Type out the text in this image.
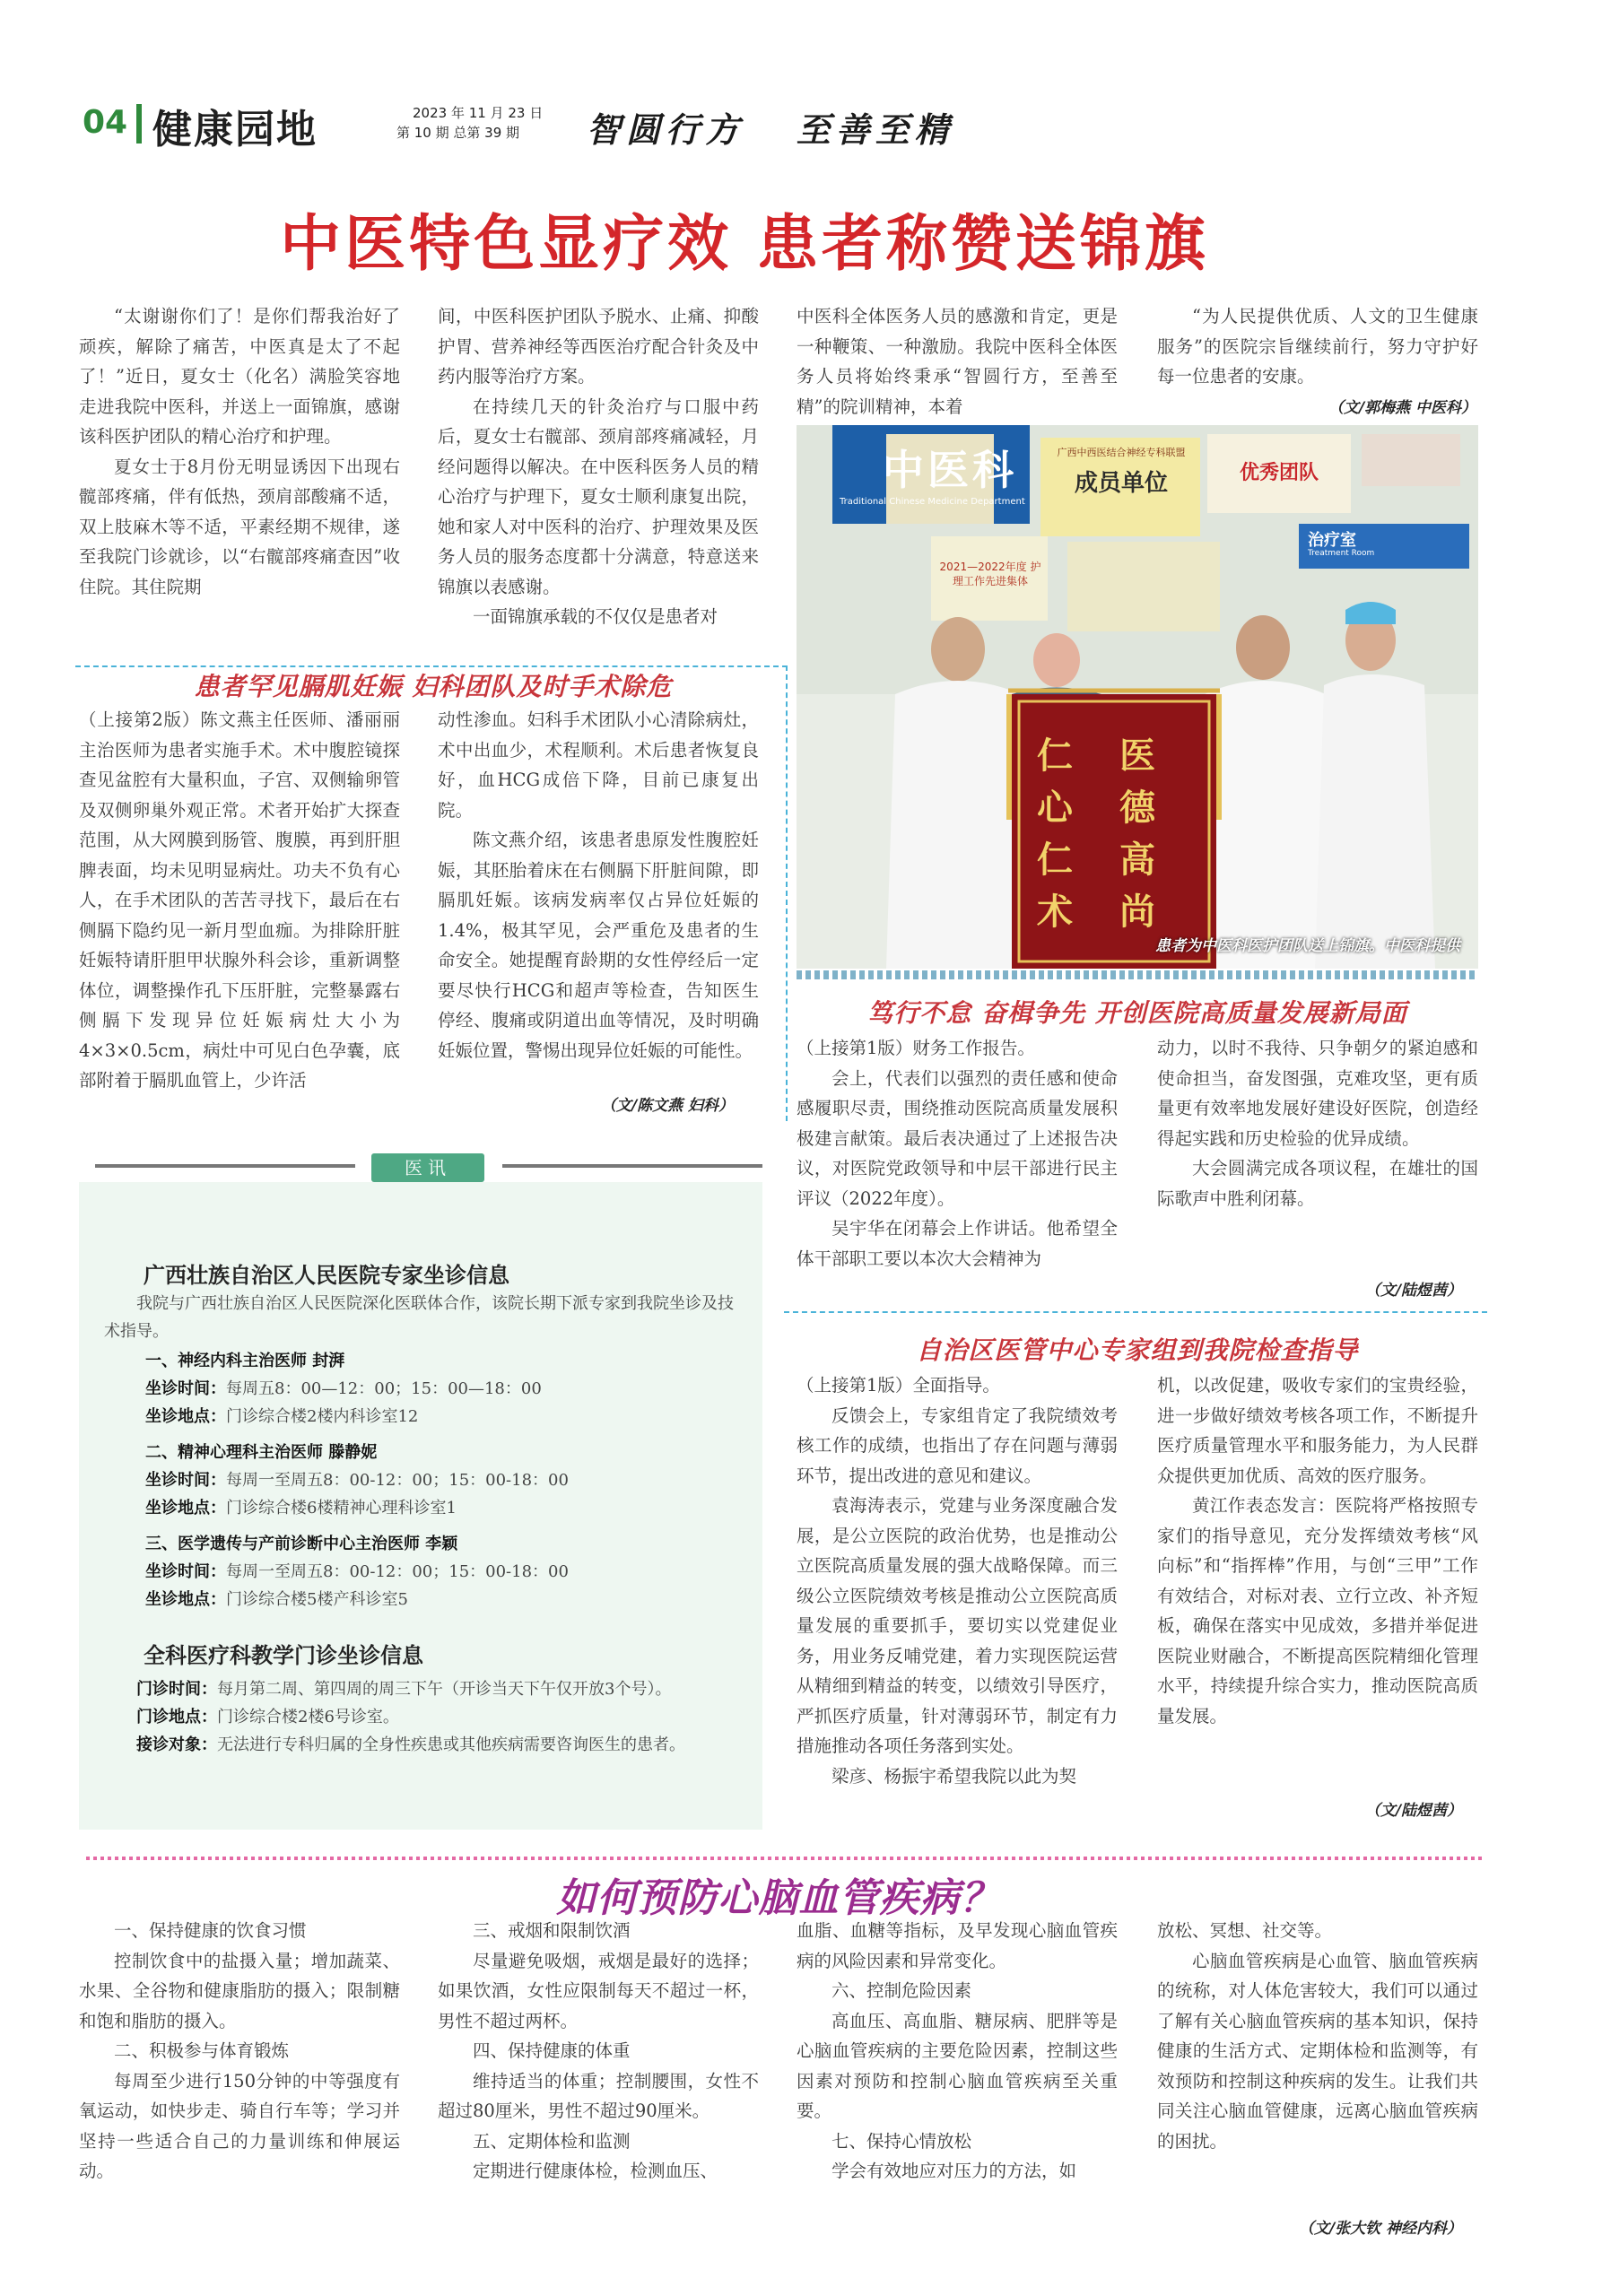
04 健康园地	2023 年 11 月 23 日
第 10 期 总第 39 期 智圆行方   至善至精
中医特色显疗效 患者称赞送锦旗

“太谢谢你们了！是你们帮我治好了顽疾，解除了痛苦，中医真是太了不起了！”近日，夏女士（化名）满脸笑容地走进我院中医科，并送上一面锦旗，感谢该科医护团队的精心治疗和护理。

夏女士于8月份无明显诱因下出现右髋部疼痛，伴有低热，颈肩部酸痛不适，双上肢麻木等不适，平素经期不规律，遂至我院门诊就诊，以“右髋部疼痛查因”收住院。其住院期

间，中医科医护团队予脱水、止痛、抑酸护胃、营养神经等西医治疗配合针灸及中药内服等治疗方案。

在持续几天的针灸治疗与口服中药后，夏女士右髋部、颈肩部疼痛减轻，月经问题得以解决。在中医科医务人员的精心治疗与护理下，夏女士顺利康复出院，她和家人对中医科的治疗、护理效果及医务人员的服务态度都十分满意，特意送来锦旗以表感谢。

一面锦旗承载的不仅仅是患者对

中医科全体医务人员的感激和肯定，更是一种鞭策、一种激励。我院中医科全体医务人员将始终秉承“智圆行方，至善至精”的院训精神，本着

“为人民提供优质、人文的卫生健康服务”的医院宗旨继续前行，努力守护好每一位患者的安康。

（文/郭梅燕 中医科）
中医科
Traditional Chinese Medicine Department
广西中西医结合神经专科联盟
成员单位	优秀团队
2021—2022年度 护理工作先进集体
治疗室
Treatment Room
仁心仁术
医德高尚
患者为中医科医护团队送上锦旗。中医科提供
患者罕见膈肌妊娠 妇科团队及时手术除危

（上接第2版）陈文燕主任医师、潘丽丽主治医师为患者实施手术。术中腹腔镜探查见盆腔有大量积血，子宫、双侧输卵管及双侧卵巢外观正常。术者开始扩大探查范围，从大网膜到肠管、腹膜，再到肝胆脾表面，均未见明显病灶。功夫不负有心人，在手术团队的苦苦寻找下，最后在右侧膈下隐约见一新月型血痂。为排除肝脏妊娠特请肝胆甲状腺外科会诊，重新调整体位，调整操作孔下压肝脏，完整暴露右侧膈下发现异位妊娠病灶大小为4×3×0.5cm，病灶中可见白色孕囊，底部附着于膈肌血管上，少许活

动性渗血。妇科手术团队小心清除病灶，术中出血少，术程顺利。术后患者恢复良好，血HCG成倍下降，目前已康复出院。

陈文燕介绍，该患者患原发性腹腔妊娠，其胚胎着床在右侧膈下肝脏间隙，即膈肌妊娠。该病发病率仅占异位妊娠的1.4%，极其罕见，会严重危及患者的生命安全。她提醒育龄期的女性停经后一定要尽快行HCG和超声等检查，告知医生停经、腹痛或阴道出血等情况，及时明确妊娠位置，警惕出现异位妊娠的可能性。

（文/陈文燕 妇科）
医讯
广西壮族自治区人民医院专家坐诊信息
我院与广西壮族自治区人民医院深化医联体合作，该院长期下派专家到我院坐诊及技术指导。
一、神经内科主治医师 封湃
坐诊时间：每周五8：00—12：00；15：00—18：00
坐诊地点：门诊综合楼2楼内科诊室12
二、精神心理科主治医师 滕静妮
坐诊时间：每周一至周五8：00-12：00；15：00-18：00
坐诊地点：门诊综合楼6楼精神心理科诊室1
三、医学遗传与产前诊断中心主治医师 李颖
坐诊时间：每周一至周五8：00-12：00；15：00-18：00
坐诊地点：门诊综合楼5楼产科诊室5
全科医疗科教学门诊坐诊信息
门诊时间：每月第二周、第四周的周三下午（开诊当天下午仅开放3个号）。
门诊地点：门诊综合楼2楼6号诊室。
接诊对象：无法进行专科归属的全身性疾患或其他疾病需要咨询医生的患者。
笃行不怠 奋楫争先 开创医院高质量发展新局面

（上接第1版）财务工作报告。

会上，代表们以强烈的责任感和使命感履职尽责，围绕推动医院高质量发展积极建言献策。最后表决通过了上述报告决议，对医院党政领导和中层干部进行民主评议（2022年度）。

吴宇华在闭幕会上作讲话。他希望全体干部职工要以本次大会精神为

动力，以时不我待、只争朝夕的紧迫感和使命担当，奋发图强，克难攻坚，更有质量更有效率地发展好建设好医院，创造经得起实践和历史检验的优异成绩。

大会圆满完成各项议程，在雄壮的国际歌声中胜利闭幕。

（文/陆煜茜）
自治区医管中心专家组到我院检查指导

（上接第1版）全面指导。

反馈会上，专家组肯定了我院绩效考核工作的成绩，也指出了存在问题与薄弱环节，提出改进的意见和建议。

袁海涛表示，党建与业务深度融合发展，是公立医院的政治优势，也是推动公立医院高质量发展的强大战略保障。而三级公立医院绩效考核是推动公立医院高质量发展的重要抓手，要切实以党建促业务，用业务反哺党建，着力实现医院运营从精细到精益的转变，以绩效引导医疗，严抓医疗质量，针对薄弱环节，制定有力措施推动各项任务落到实处。

梁彦、杨振宇希望我院以此为契

机，以改促建，吸收专家们的宝贵经验，进一步做好绩效考核各项工作，不断提升医疗质量管理水平和服务能力，为人民群众提供更加优质、高效的医疗服务。

黄江作表态发言：医院将严格按照专家们的指导意见，充分发挥绩效考核“风向标”和“指挥棒”作用，与创“三甲”工作有效结合，对标对表、立行立改、补齐短板，确保在落实中见成效，多措并举促进医院业财融合，不断提高医院精细化管理水平，持续提升综合实力，推动医院高质量发展。

（文/陆煜茜）
如何预防心脑血管疾病？

一、保持健康的饮食习惯

控制饮食中的盐摄入量；增加蔬菜、水果、全谷物和健康脂肪的摄入；限制糖和饱和脂肪的摄入。

二、积极参与体育锻炼

每周至少进行150分钟的中等强度有氧运动，如快步走、骑自行车等；学习并坚持一些适合自己的力量训练和伸展运动。

三、戒烟和限制饮酒

尽量避免吸烟，戒烟是最好的选择；如果饮酒，女性应限制每天不超过一杯，男性不超过两杯。

四、保持健康的体重

维持适当的体重；控制腰围，女性不超过80厘米，男性不超过90厘米。

五、定期体检和监测

定期进行健康体检，检测血压、

血脂、血糖等指标，及早发现心脑血管疾病的风险因素和异常变化。

六、控制危险因素

高血压、高血脂、糖尿病、肥胖等是心脑血管疾病的主要危险因素，控制这些因素对预防和控制心脑血管疾病至关重要。

七、保持心情放松

学会有效地应对压力的方法，如

放松、冥想、社交等。

心脑血管疾病是心血管、脑血管疾病的统称，对人体危害较大，我们可以通过了解有关心脑血管疾病的基本知识，保持健康的生活方式、定期体检和监测等，有效预防和控制这种疾病的发生。让我们共同关注心脑血管健康，远离心脑血管疾病的困扰。

（文/张大钦 神经内科）
